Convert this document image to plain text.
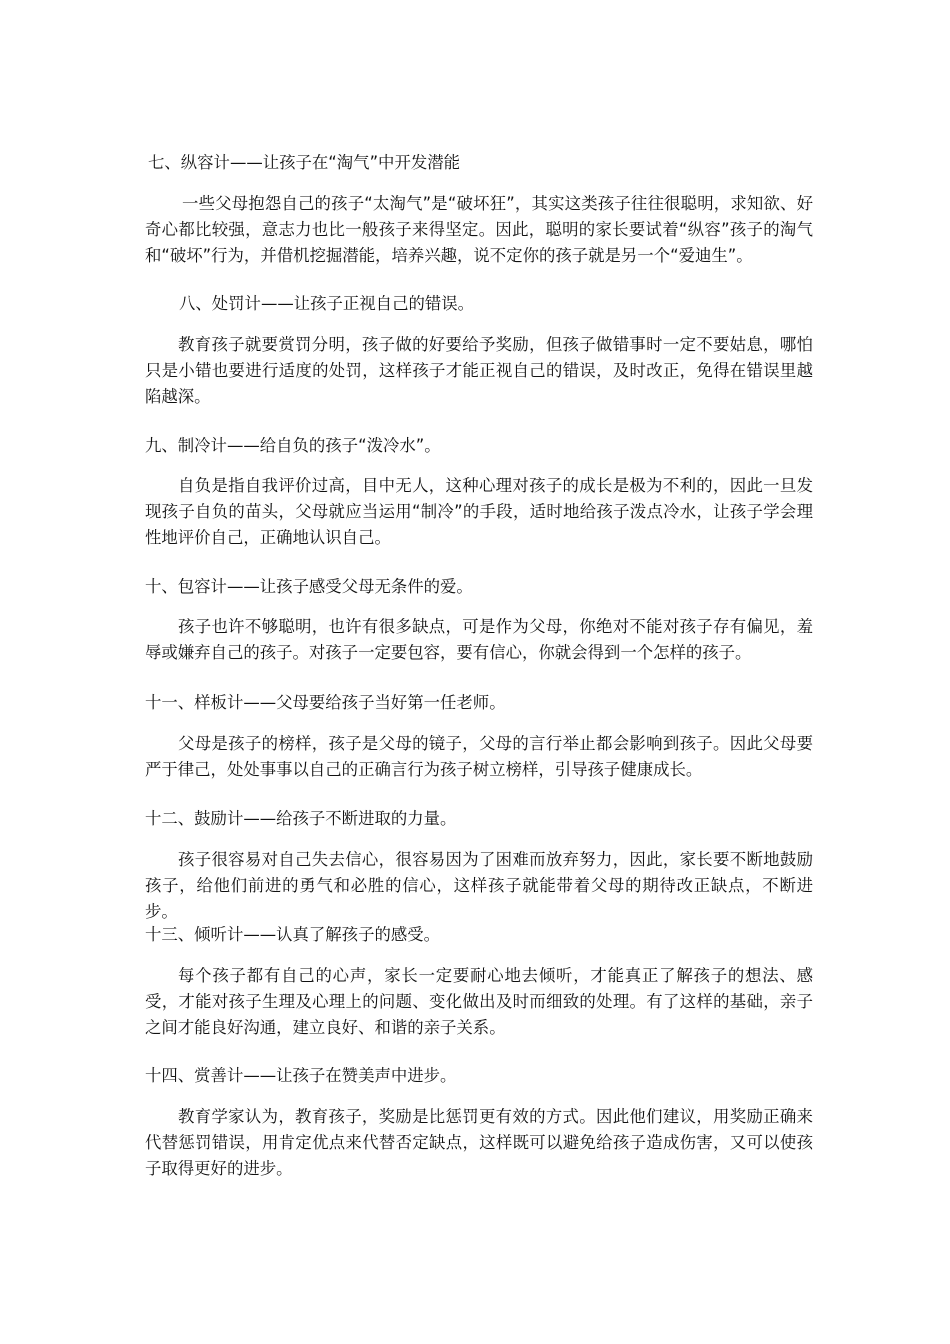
七、纵容计——让孩子在“淘气”中开发潜能

一些父母抱怨自己的孩子“太淘气”是“破坏狂”，其实这类孩子往往很聪明，求知欲、好奇心都比较强，意志力也比一般孩子来得坚定。因此，聪明的家长要试着“纵容”孩子的淘气和“破坏”行为，并借机挖掘潜能，培养兴趣，说不定你的孩子就是另一个“爱迪生”。

八、处罚计——让孩子正视自己的错误。

教育孩子就要赏罚分明，孩子做的好要给予奖励，但孩子做错事时一定不要姑息，哪怕只是小错也要进行适度的处罚，这样孩子才能正视自己的错误，及时改正，免得在错误里越陷越深。

九、制冷计——给自负的孩子“泼冷水”。

自负是指自我评价过高，目中无人，这种心理对孩子的成长是极为不利的，因此一旦发现孩子自负的苗头，父母就应当运用“制冷”的手段，适时地给孩子泼点冷水，让孩子学会理性地评价自己，正确地认识自己。

十、包容计——让孩子感受父母无条件的爱。

孩子也许不够聪明，也许有很多缺点，可是作为父母，你绝对不能对孩子存有偏见，羞辱或嫌弃自己的孩子。对孩子一定要包容，要有信心，你就会得到一个怎样的孩子。

十一、样板计——父母要给孩子当好第一任老师。

父母是孩子的榜样，孩子是父母的镜子，父母的言行举止都会影响到孩子。因此父母要严于律己，处处事事以自己的正确言行为孩子树立榜样，引导孩子健康成长。

十二、鼓励计——给孩子不断进取的力量。

孩子很容易对自己失去信心，很容易因为了困难而放弃努力，因此，家长要不断地鼓励孩子，给他们前进的勇气和必胜的信心，这样孩子就能带着父母的期待改正缺点，不断进步。

十三、倾听计——认真了解孩子的感受。

每个孩子都有自己的心声，家长一定要耐心地去倾听，才能真正了解孩子的想法、感受，才能对孩子生理及心理上的问题、变化做出及时而细致的处理。有了这样的基础，亲子之间才能良好沟通，建立良好、和谐的亲子关系。

十四、赏善计——让孩子在赞美声中进步。

教育学家认为，教育孩子，奖励是比惩罚更有效的方式。因此他们建议，用奖励正确来代替惩罚错误，用肯定优点来代替否定缺点，这样既可以避免给孩子造成伤害，又可以使孩子取得更好的进步。
